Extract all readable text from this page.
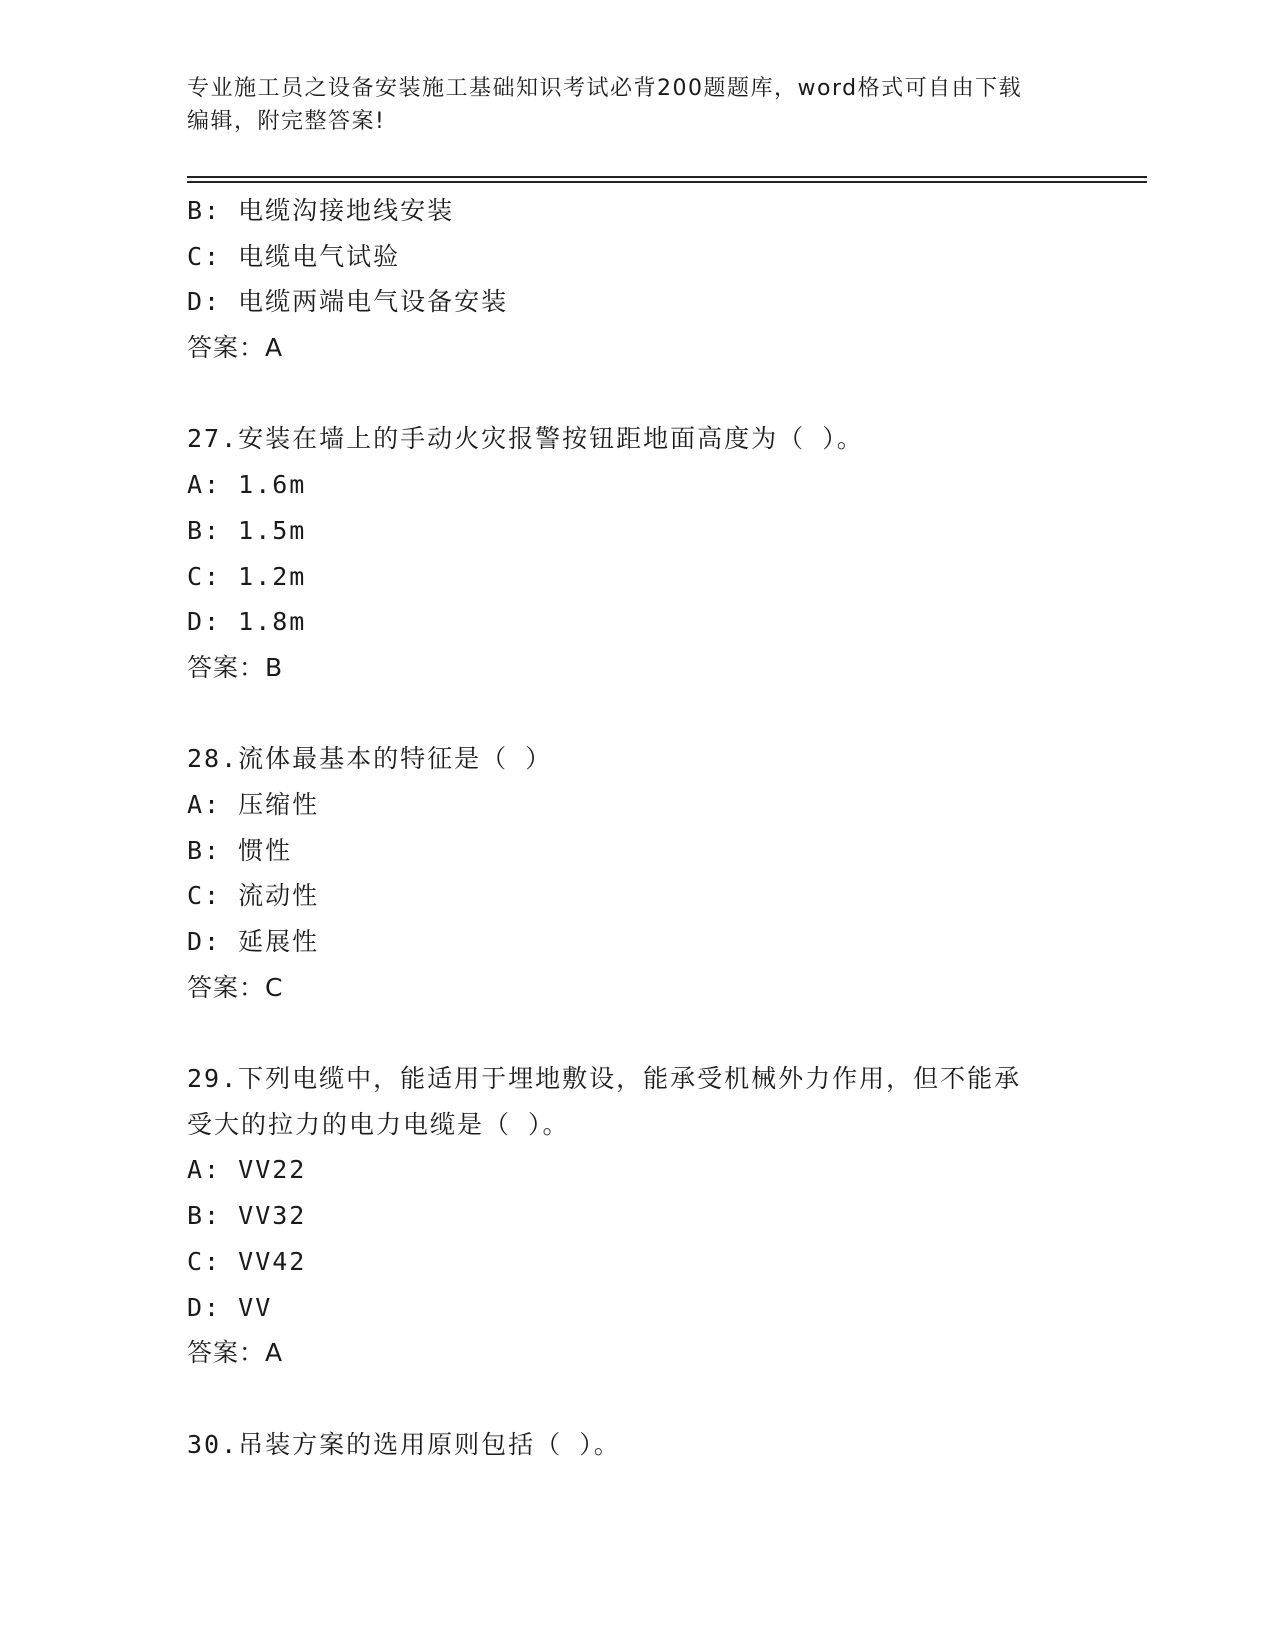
专业施工员之设备安装施工基础知识考试必背200题题库，word格式可自由下载
编辑，附完整答案!
B: 电缆沟接地线安装
C: 电缆电气试验
D: 电缆两端电气设备安装
答案：A
27.安装在墙上的手动火灾报警按钮距地面高度为（ ）。
A: 1.6m
B: 1.5m
C: 1.2m
D: 1.8m
答案：B
28.流体最基本的特征是（ ）
A: 压缩性
B: 惯性
C: 流动性
D: 延展性
答案：C
29.下列电缆中，能适用于埋地敷设，能承受机械外力作用，但不能承
受大的拉力的电力电缆是（ ）。
A: VV22
B: VV32
C: VV42
D: VV
答案：A
30.吊装方案的选用原则包括（ ）。
